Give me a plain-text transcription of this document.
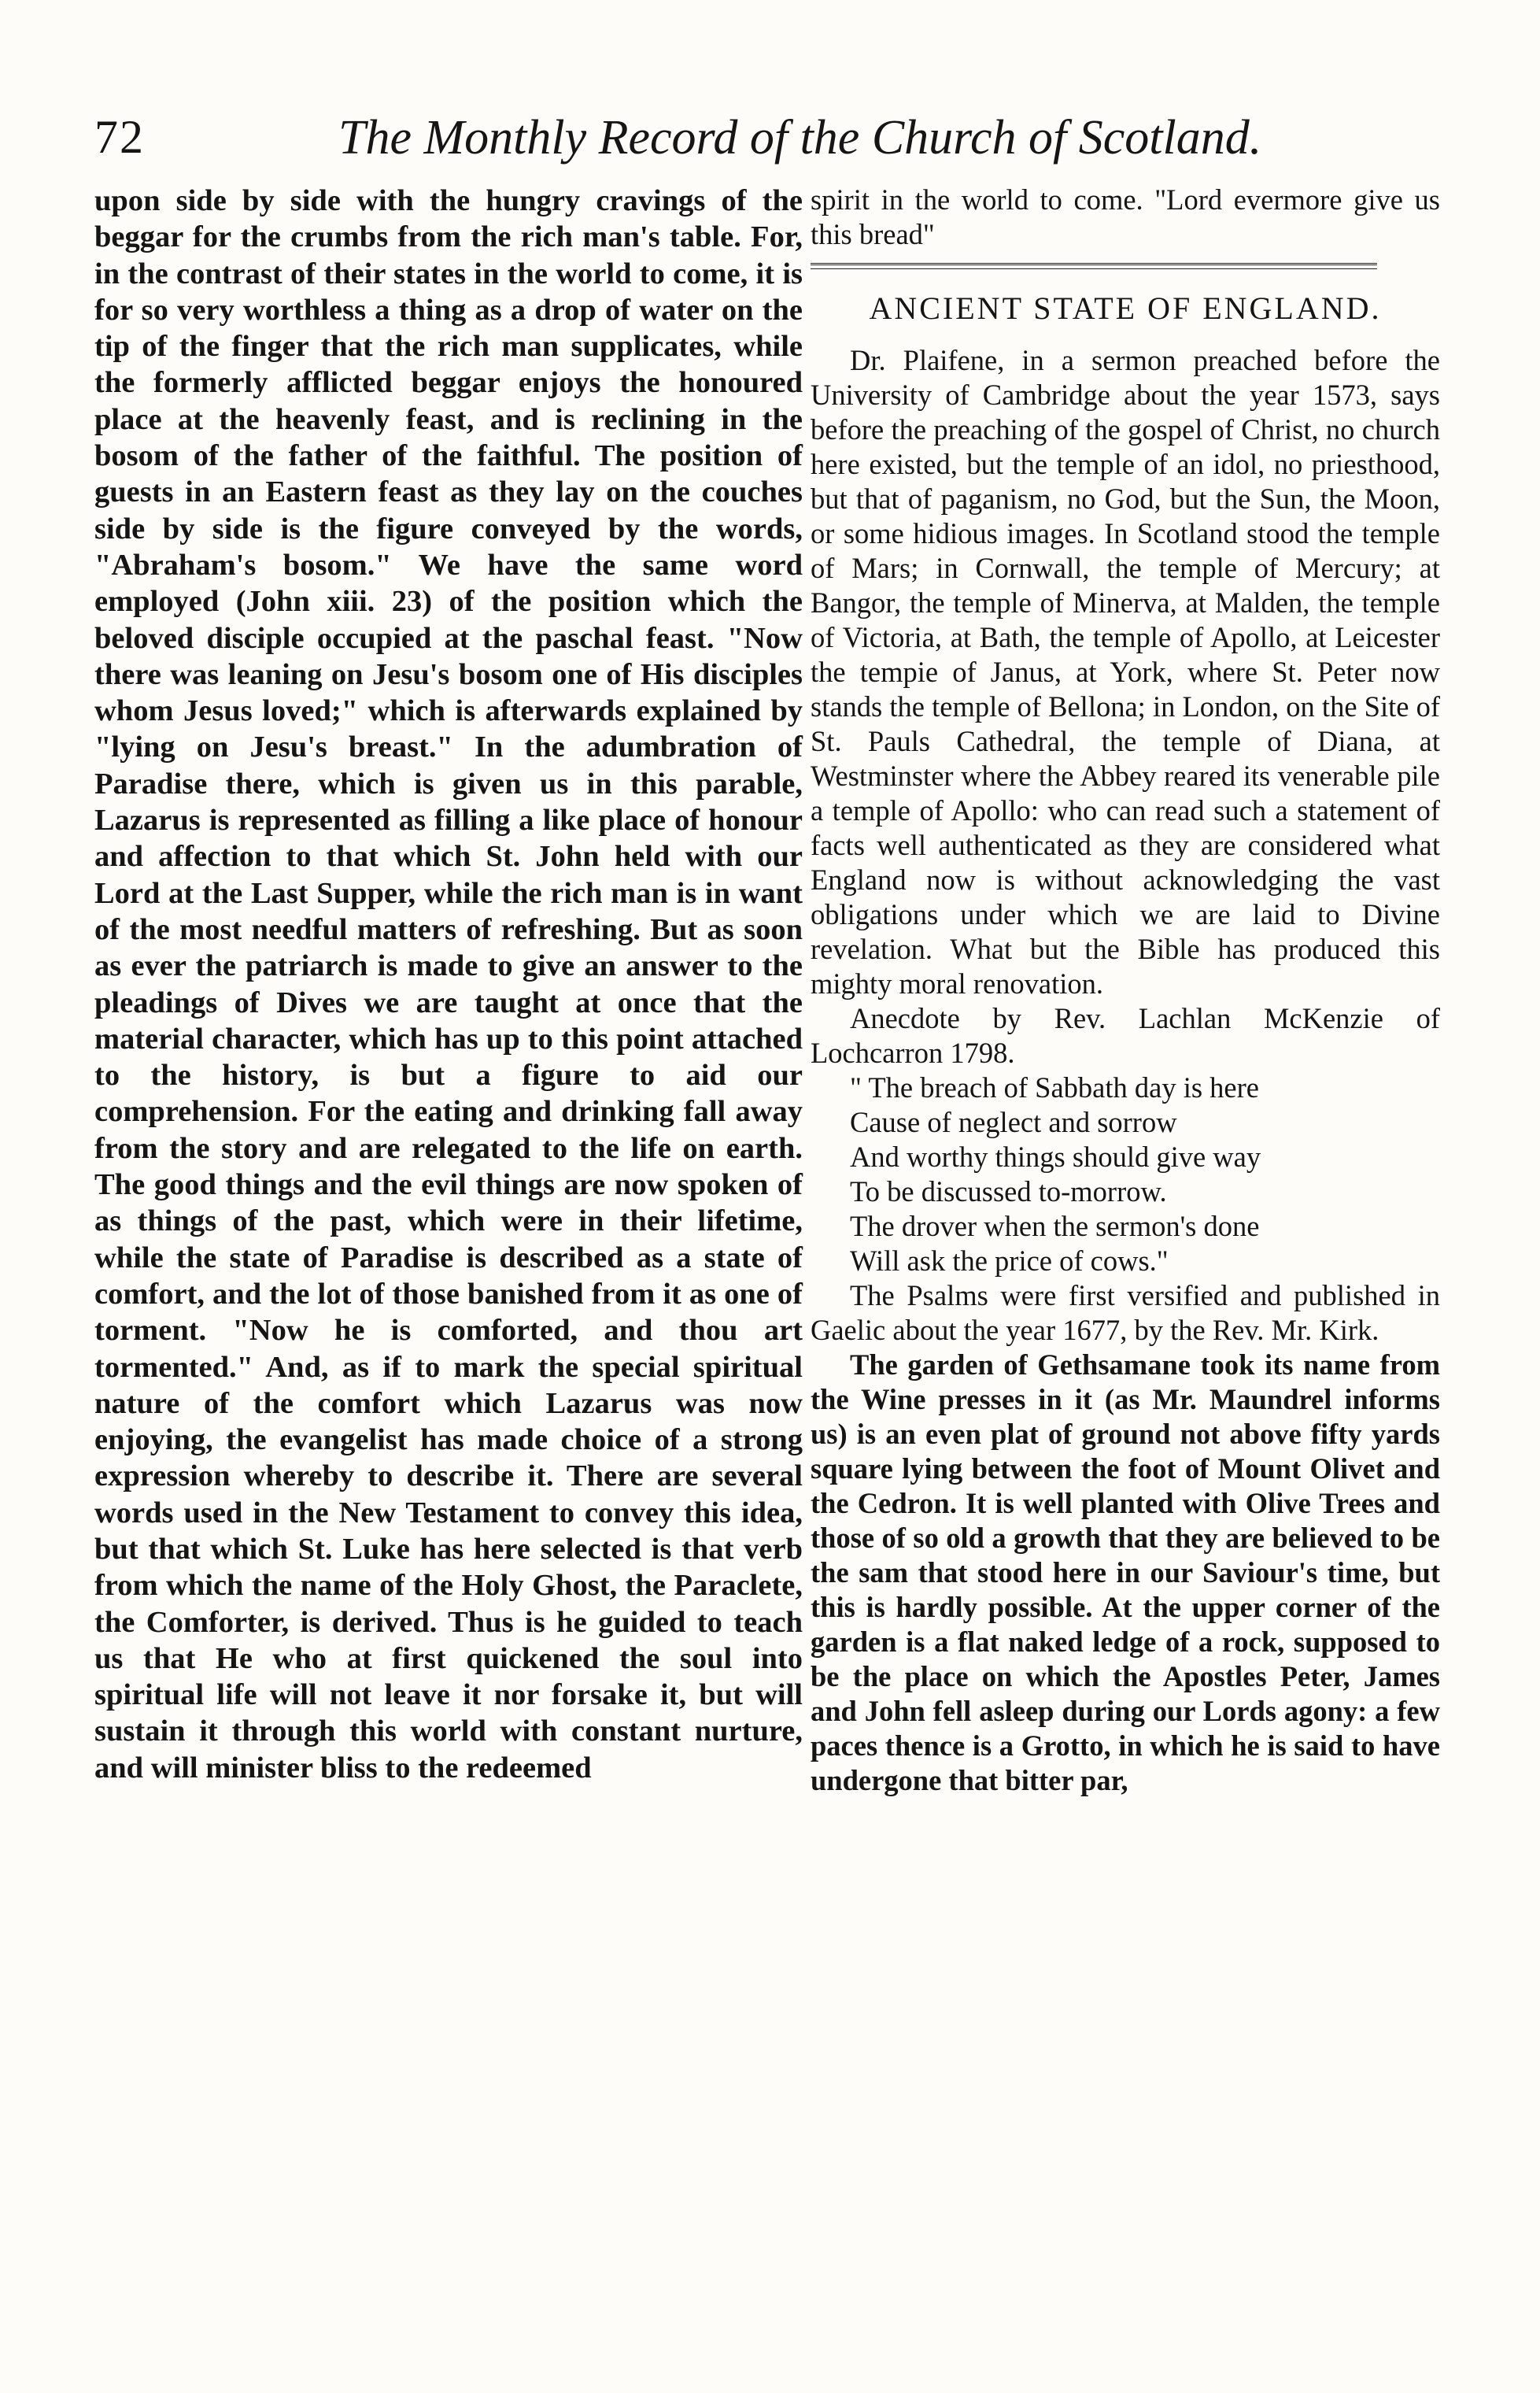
72	The Monthly Record of the Church of Scotland.

upon side by side with the hungry cravings of the beggar for the crumbs from the rich man's table. For, in the contrast of their states in the world to come, it is for so very worthless a thing as a drop of water on the tip of the finger that the rich man supplicates, while the formerly afflicted beggar enjoys the honoured place at the heavenly feast, and is reclining in the bosom of the father of the faithful. The position of guests in an Eastern feast as they lay on the couches side by side is the figure conveyed by the words, "Abraham's bosom." We have the same word employed (John xiii. 23) of the position which the beloved disciple occupied at the paschal feast. "Now there was leaning on Jesu's bosom one of His disciples whom Jesus loved;" which is afterwards explained by "lying on Jesu's breast." In the adumbration of Paradise there, which is given us in this parable, Lazarus is represented as filling a like place of honour and affection to that which St. John held with our Lord at the Last Supper, while the rich man is in want of the most needful matters of refreshing. But as soon as ever the patriarch is made to give an answer to the pleadings of Dives we are taught at once that the material character, which has up to this point attached to the history, is but a figure to aid our comprehension. For the eating and drinking fall away from the story and are relegated to the life on earth. The good things and the evil things are now spoken of as things of the past, which were in their lifetime, while the state of Paradise is described as a state of comfort, and the lot of those banished from it as one of torment. "Now he is comforted, and thou art tormented." And, as if to mark the special spiritual nature of the comfort which Lazarus was now enjoying, the evangelist has made choice of a strong expression whereby to describe it. There are several words used in the New Testament to convey this idea, but that which St. Luke has here selected is that verb from which the name of the Holy Ghost, the Paraclete, the Comforter, is derived. Thus is he guided to teach us that He who at first quickened the soul into spiritual life will not leave it nor forsake it, but will sustain it through this world with constant nurture, and will minister bliss to the redeemed

spirit in the world to come. "Lord evermore give us this bread"

ANCIENT STATE OF ENGLAND.

Dr. Plaifene, in a sermon preached before the University of Cambridge about the year 1573, says before the preaching of the gospel of Christ, no church here existed, but the temple of an idol, no priesthood, but that of paganism, no God, but the Sun, the Moon, or some hidious images. In Scotland stood the temple of Mars; in Cornwall, the temple of Mercury; at Bangor, the temple of Minerva, at Malden, the temple of Victoria, at Bath, the temple of Apollo, at Leicester the tempie of Janus, at York, where St. Peter now stands the temple of Bellona; in London, on the Site of St. Pauls Cathedral, the temple of Diana, at Westminster where the Abbey reared its venerable pile a temple of Apollo: who can read such a statement of facts well authenticated as they are considered what England now is without acknowledging the vast obligations under which we are laid to Divine revelation. What but the Bible has produced this mighty moral renovation.

Anecdote by Rev. Lachlan McKenzie of Lochcarron 1798.

" The breach of Sabbath day is here
Cause of neglect and sorrow
And worthy things should give way
To be discussed to-morrow.
The drover when the sermon's done
Will ask the price of cows."

The Psalms were first versified and published in Gaelic about the year 1677, by the Rev. Mr. Kirk.

The garden of Gethsamane took its name from the Wine presses in it (as Mr. Maundrel informs us) is an even plat of ground not above fifty yards square lying between the foot of Mount Olivet and the Cedron. It is well planted with Olive Trees and those of so old a growth that they are believed to be the sam that stood here in our Saviour's time, but this is hardly possible. At the upper corner of the garden is a flat naked ledge of a rock, supposed to be the place on which the Apostles Peter, James and John fell asleep during our Lords agony: a few paces thence is a Grotto, in which he is said to have undergone that bitter par,
